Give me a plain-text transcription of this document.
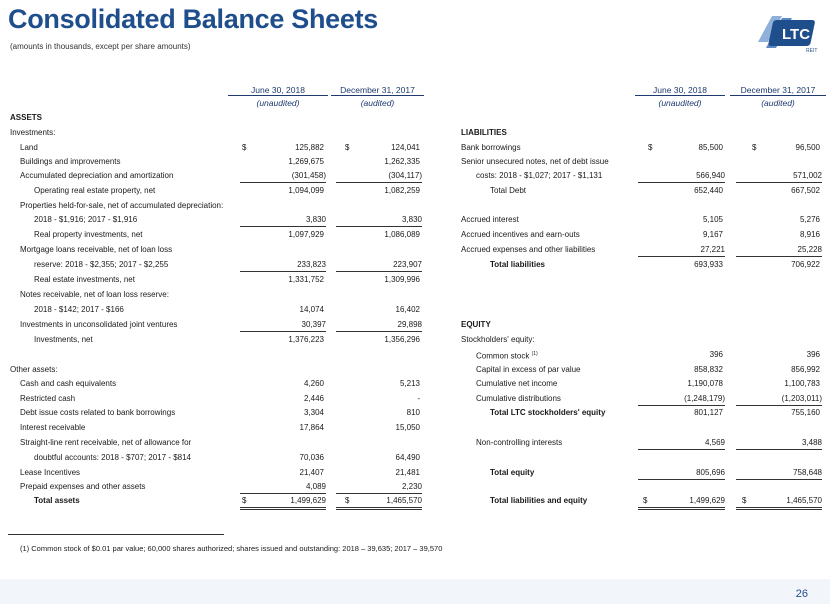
Consolidated Balance Sheets
(amounts in thousands, except per share amounts)
LTC
REIT
June 30, 2018	December 31, 2017
(unaudited)	(audited)
June 30, 2018	December 31, 2017
(unaudited)	(audited)
ASSETS
Investments:
Land	$	125,882	$	124,041
Buildings and improvements	1,269,675	1,262,335
Accumulated depreciation and amortization	(301,458)	(304,117)
Operating real estate property, net	1,094,099	1,082,259
Properties held-for-sale, net of accumulated depreciation:
2018 - $1,916; 2017 - $1,916	3,830	3,830
Real property investments, net	1,097,929	1,086,089
Mortgage loans receivable, net of loan loss
reserve: 2018 - $2,355; 2017 - $2,255	233,823	223,907
Real estate investments, net	1,331,752	1,309,996
Notes receivable, net of loan loss reserve:
2018 - $142; 2017 - $166	14,074	16,402
Investments in unconsolidated joint ventures	30,397	29,898
Investments, net	1,376,223	1,356,296
Other assets:
Cash and cash equivalents	4,260	5,213
Restricted cash	2,446	-
Debt issue costs related to bank borrowings	3,304	810
Interest receivable	17,864	15,050
Straight-line rent receivable, net of allowance for
doubtful accounts: 2018 - $707; 2017 - $814	70,036	64,490
Lease Incentives	21,407	21,481
Prepaid expenses and other assets	4,089	2,230
Total assets	$	1,499,629 $	1,465,570
LIABILITIES
Bank borrowings	$	85,500	$	96,500
Senior unsecured notes, net of debt issue
costs: 2018 - $1,027; 2017 - $1,131	566,940	571,002
Total Debt	652,440	667,502
Accrued interest	5,105	5,276
Accrued incentives and earn-outs	9,167	8,916
Accrued expenses and other liabilities	27,221	25,228
Total liabilities	693,933	706,922
EQUITY
Stockholders' equity:
Common stock $^{(1)}$	396	396
Capital in excess of par value	858,832	856,992
Cumulative net income	1,190,078	1,100,783
Cumulative distributions	(1,248,179)	(1,203,011)
Total LTC stockholders' equity	801,127	755,160
Non-controlling interests	4,569	3,488
Total equity	805,696	758,648
Total liabilities and equity	$	1,499,629 $	1,465,570
(1) Common stock of $0.01 par value; 60,000 shares authorized; shares issued and outstanding: 2018 – 39,635; 2017 – 39,570
26
